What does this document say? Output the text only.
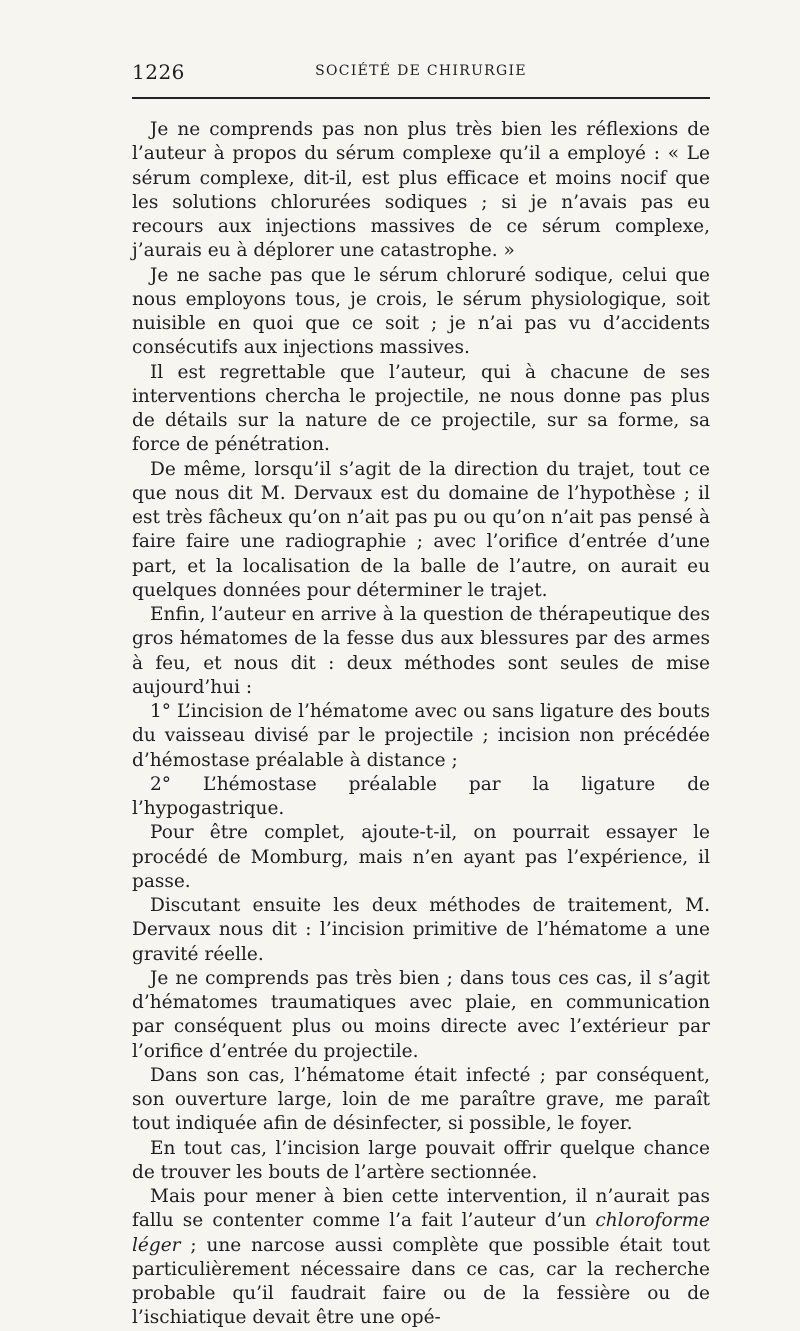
1226	SOCIÉTÉ DE CHIRURGIE

Je ne comprends pas non plus très bien les réflexions de l’auteur à propos du sérum complexe qu’il a employé : « Le sérum complexe, dit-il, est plus efficace et moins nocif que les solutions chlorurées sodiques ; si je n’avais pas eu recours aux injections massives de ce sérum complexe, j’aurais eu à déplorer une catastrophe. »

Je ne sache pas que le sérum chloruré sodique, celui que nous employons tous, je crois, le sérum physiologique, soit nuisible en quoi que ce soit ; je n’ai pas vu d’accidents consécutifs aux injections massives.

Il est regrettable que l’auteur, qui à chacune de ses interventions chercha le projectile, ne nous donne pas plus de détails sur la nature de ce projectile, sur sa forme, sa force de pénétration.

De même, lorsqu’il s’agit de la direction du trajet, tout ce que nous dit M. Dervaux est du domaine de l’hypothèse ; il est très fâcheux qu’on n’ait pas pu ou qu’on n’ait pas pensé à faire faire une radiographie ; avec l’orifice d’entrée d’une part, et la localisation de la balle de l’autre, on aurait eu quelques données pour déterminer le trajet.

Enfin, l’auteur en arrive à la question de thérapeutique des gros hématomes de la fesse dus aux blessures par des armes à feu, et nous dit : deux méthodes sont seules de mise aujourd’hui :

1° L’incision de l’hématome avec ou sans ligature des bouts du vaisseau divisé par le projectile ; incision non précédée d’hémostase préalable à distance ;

2° L’hémostase préalable par la ligature de l’hypogastrique.

Pour être complet, ajoute-t-il, on pourrait essayer le procédé de Momburg, mais n’en ayant pas l’expérience, il passe.

Discutant ensuite les deux méthodes de traitement, M. Dervaux nous dit : l’incision primitive de l’hématome a une gravité réelle.

Je ne comprends pas très bien ; dans tous ces cas, il s’agit d’hématomes traumatiques avec plaie, en communication par conséquent plus ou moins directe avec l’extérieur par l’orifice d’entrée du projectile.

Dans son cas, l’hématome était infecté ; par conséquent, son ouverture large, loin de me paraître grave, me paraît tout indiquée afin de désinfecter, si possible, le foyer.

En tout cas, l’incision large pouvait offrir quelque chance de trouver les bouts de l’artère sectionnée.

Mais pour mener à bien cette intervention, il n’aurait pas fallu se contenter comme l’a fait l’auteur d’un chloroforme léger ; une narcose aussi complète que possible était tout particulièrement nécessaire dans ce cas, car la recherche probable qu’il faudrait faire ou de la fessière ou de l’ischiatique devait être une opé-
